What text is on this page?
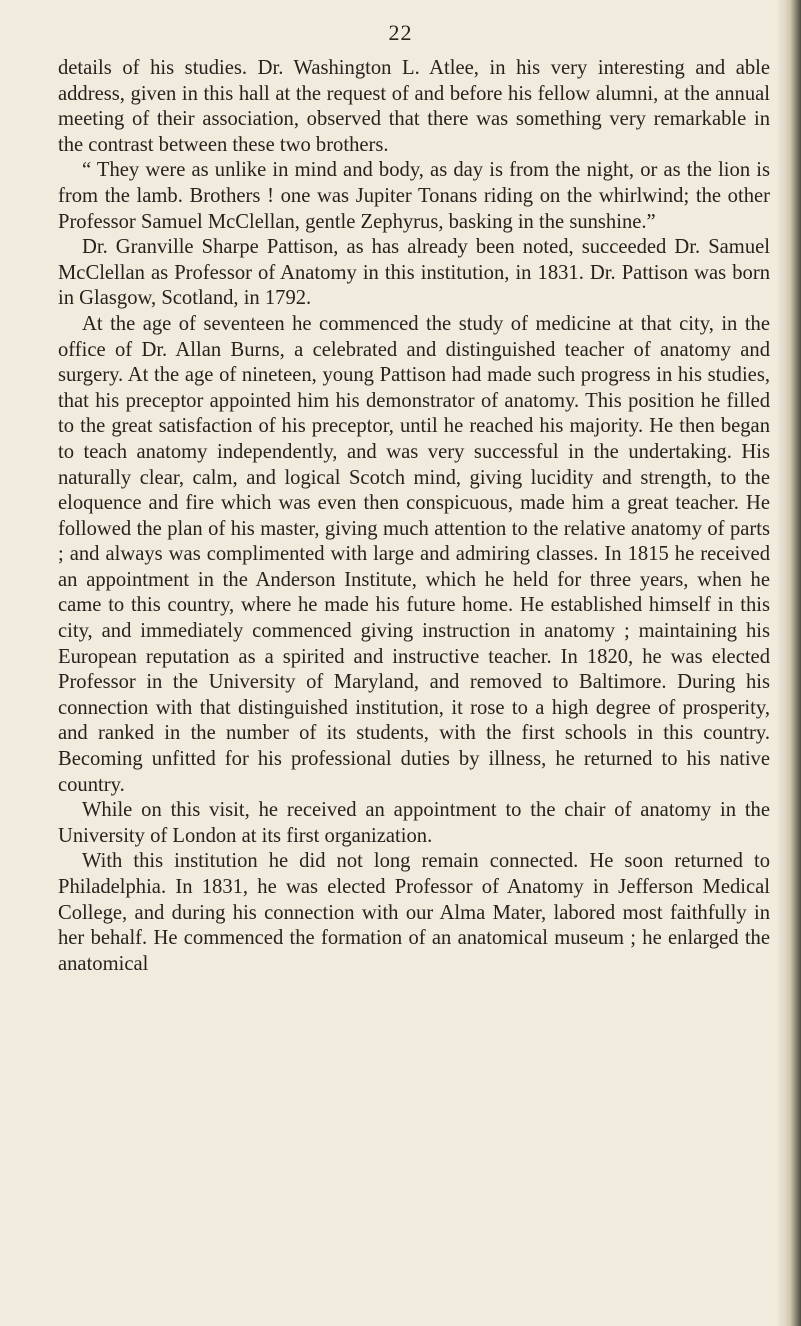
22

details of his studies. Dr. Washington L. Atlee, in his very interesting and able address, given in this hall at the request of and before his fellow alumni, at the annual meeting of their association, observed that there was something very remarkable in the contrast between these two brothers.

“ They were as unlike in mind and body, as day is from the night, or as the lion is from the lamb. Brothers ! one was Jupiter Tonans riding on the whirlwind; the other Professor Samuel McClellan, gentle Zephyrus, basking in the sunshine.”

Dr. Granville Sharpe Pattison, as has already been noted, succeeded Dr. Samuel McClellan as Professor of Anatomy in this institution, in 1831. Dr. Pattison was born in Glasgow, Scotland, in 1792.

At the age of seventeen he commenced the study of medicine at that city, in the office of Dr. Allan Burns, a celebrated and distinguished teacher of anatomy and surgery. At the age of nineteen, young Pattison had made such progress in his studies, that his preceptor appointed him his demonstrator of anatomy. This position he filled to the great satisfaction of his preceptor, until he reached his majority. He then began to teach anatomy independently, and was very successful in the undertaking. His naturally clear, calm, and logical Scotch mind, giving lucidity and strength, to the eloquence and fire which was even then conspicuous, made him a great teacher. He followed the plan of his master, giving much attention to the relative anatomy of parts ; and always was complimented with large and admiring classes. In 1815 he received an appointment in the Anderson Institute, which he held for three years, when he came to this country, where he made his future home. He established himself in this city, and immediately commenced giving instruction in anatomy ; maintaining his European reputation as a spirited and instructive teacher. In 1820, he was elected Professor in the University of Maryland, and removed to Baltimore. During his connection with that distinguished institution, it rose to a high degree of prosperity, and ranked in the number of its students, with the first schools in this country. Becoming unfitted for his professional duties by illness, he returned to his native country.

While on this visit, he received an appointment to the chair of anatomy in the University of London at its first organization.

With this institution he did not long remain connected. He soon returned to Philadelphia. In 1831, he was elected Professor of Anatomy in Jefferson Medical College, and during his connection with our Alma Mater, labored most faithfully in her behalf. He commenced the formation of an anatomical museum ; he enlarged the anatomical
